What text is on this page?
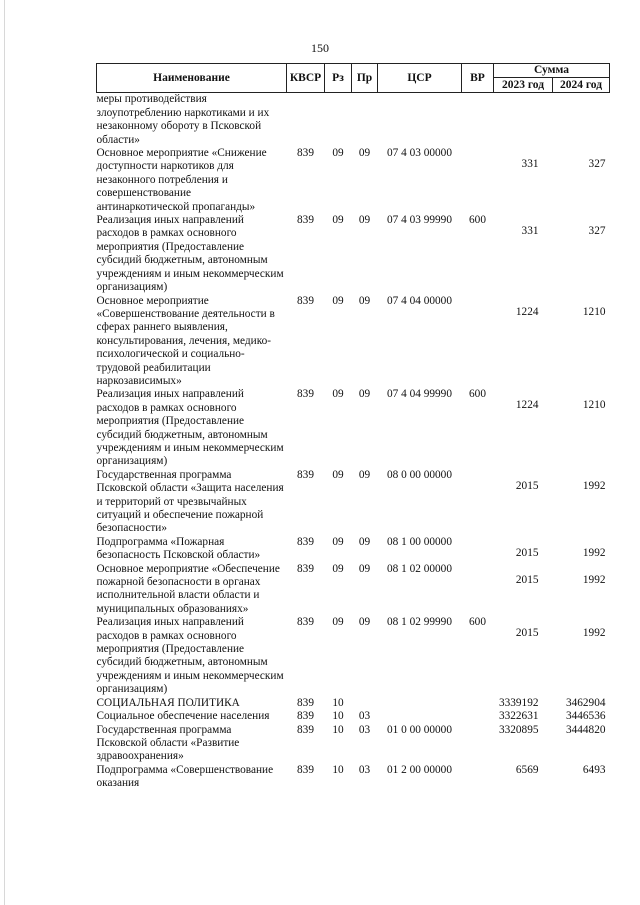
150
Наименование	КВСР	Рз	Пр	ЦСР	ВР	Сумма	
						2023 год	2024 год
меры противодействия злоупотреблению наркотиками и их незаконному обороту в Псковской области»							
Основное мероприятие «Снижение доступности наркотиков для незаконного потребления и совершенствование антинаркотической пропаганды»	839	09	09	07 4 03 00000		331	327
Реализация иных направлений расходов в рамках основного мероприятия (Предоставление субсидий бюджетным, автономным учреждениям и иным некоммерческим организациям)	839	09	09	07 4 03 99990	600	331	327
Основное мероприятие «Совершенствование деятельности в сферах раннего выявления, консультирования, лечения, медико-психологической и социально-трудовой реабилитации наркозависимых»	839	09	09	07 4 04 00000		1224	1210
Реализация иных направлений расходов в рамках основного мероприятия (Предоставление субсидий бюджетным, автономным учреждениям и иным некоммерческим организациям)	839	09	09	07 4 04 99990	600	1224	1210
Государственная программа Псковской области «Защита населения и территорий от чрезвычайных ситуаций и обеспечение пожарной безопасности»	839	09	09	08 0 00 00000		2015	1992
Подпрограмма «Пожарная безопасность Псковской области»	839	09	09	08 1 00 00000		2015	1992
Основное мероприятие «Обеспечение пожарной безопасности в органах исполнительной власти области и муниципальных образованиях»	839	09	09	08 1 02 00000		2015	1992
Реализация иных направлений расходов в рамках основного мероприятия (Предоставление субсидий бюджетным, автономным учреждениям и иным некоммерческим организациям)	839	09	09	08 1 02 99990	600	2015	1992
СОЦИАЛЬНАЯ ПОЛИТИКА	839	10				3339192	3462904
Социальное обеспечение населения	839	10	03			3322631	3446536
Государственная программа Псковской области «Развитие здравоохранения»	839	10	03	01 0 00 00000		3320895	3444820
Подпрограмма «Совершенствование оказания	839	10	03	01 2 00 00000		6569	6493
